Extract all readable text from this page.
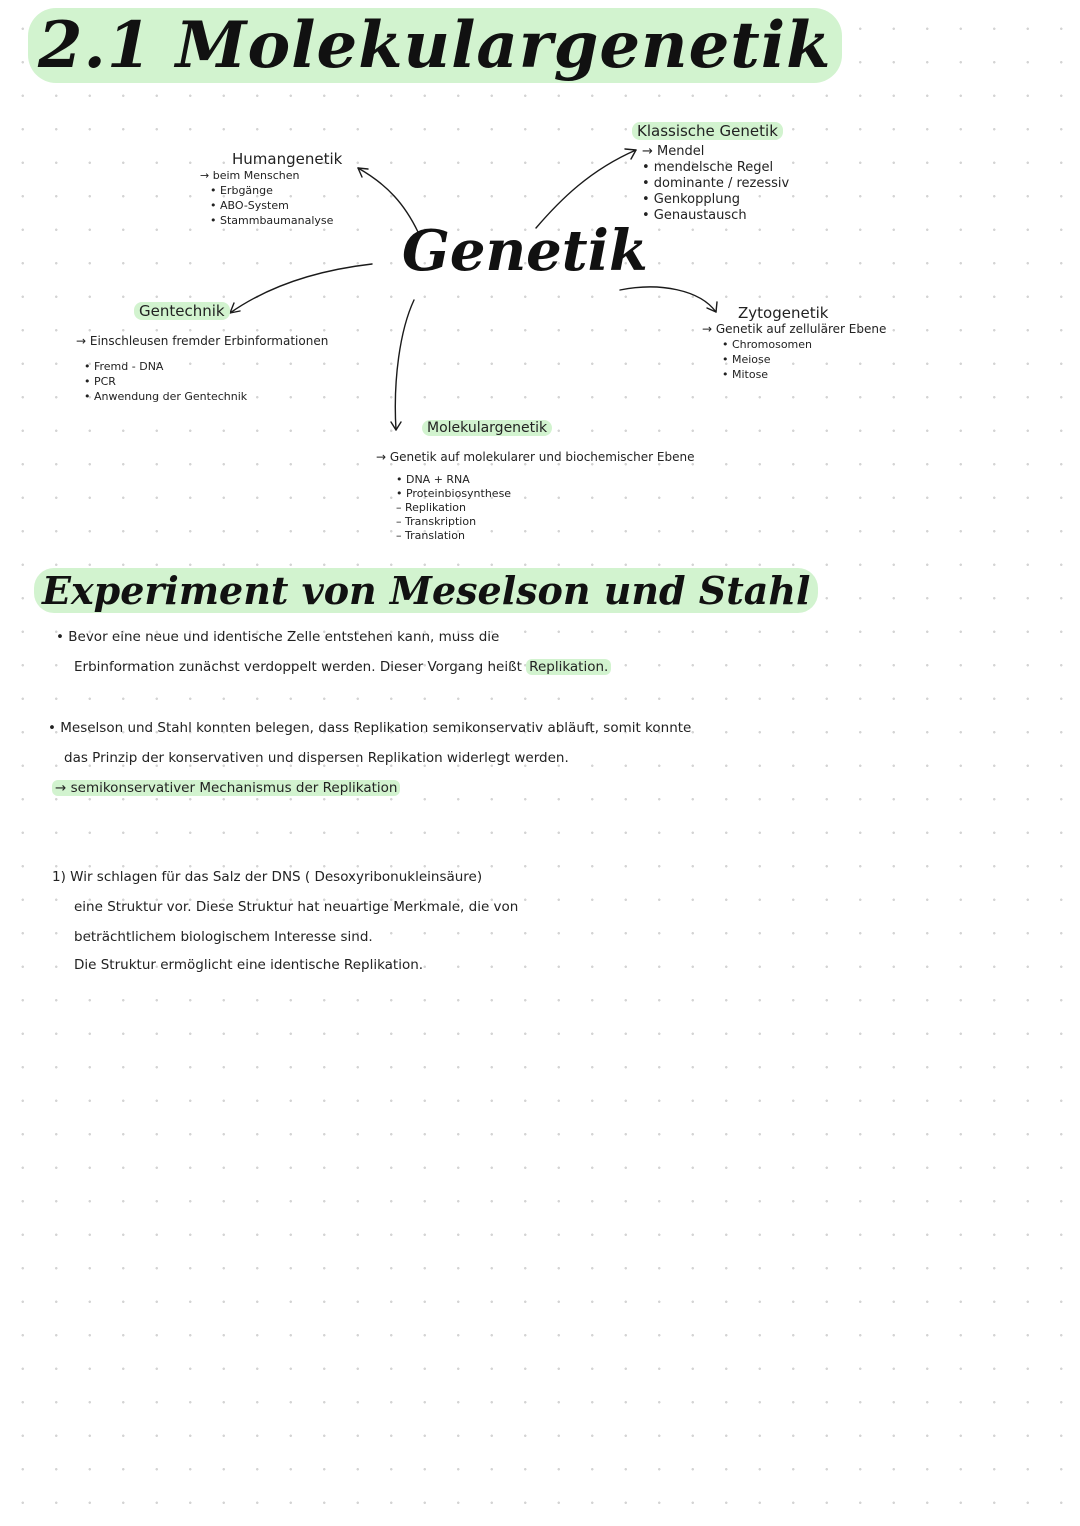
2.1 Molekulargenetik
Genetik
Humangenetik
→ beim Menschen
• Erbgänge
• ABO-System
• Stammbaumanalyse
Klassische Genetik
→ Mendel
• mendelsche Regel
• dominante / rezessiv
• Genkopplung
• Genaustausch
Gentechnik
→ Einschleusen fremder Erbinformationen
• Fremd - DNA
• PCR
• Anwendung der Gentechnik
Zytogenetik
→ Genetik auf zellulärer Ebene
• Chromosomen
• Meiose
• Mitose
Molekulargenetik
→ Genetik auf molekularer und biochemischer Ebene
• DNA + RNA
• Proteinbiosynthese
– Replikation
– Transkription
– Translation
Experiment von Meselson und Stahl
• Bevor eine neue und identische Zelle entstehen kann, muss die
Erbinformation zunächst verdoppelt werden. Dieser Vorgang heißt Replikation.
• Meselson und Stahl konnten belegen, dass Replikation semikonservativ abläuft, somit konnte
das Prinzip der konservativen und dispersen Replikation widerlegt werden.
→ semikonservativer Mechanismus der Replikation
1) Wir schlagen für das Salz der DNS ( Desoxyribonukleinsäure)
eine Struktur vor. Diese Struktur hat neuartige Merkmale, die von
beträchtlichem biologischem Interesse sind.
Die Struktur ermöglicht eine identische Replikation.
